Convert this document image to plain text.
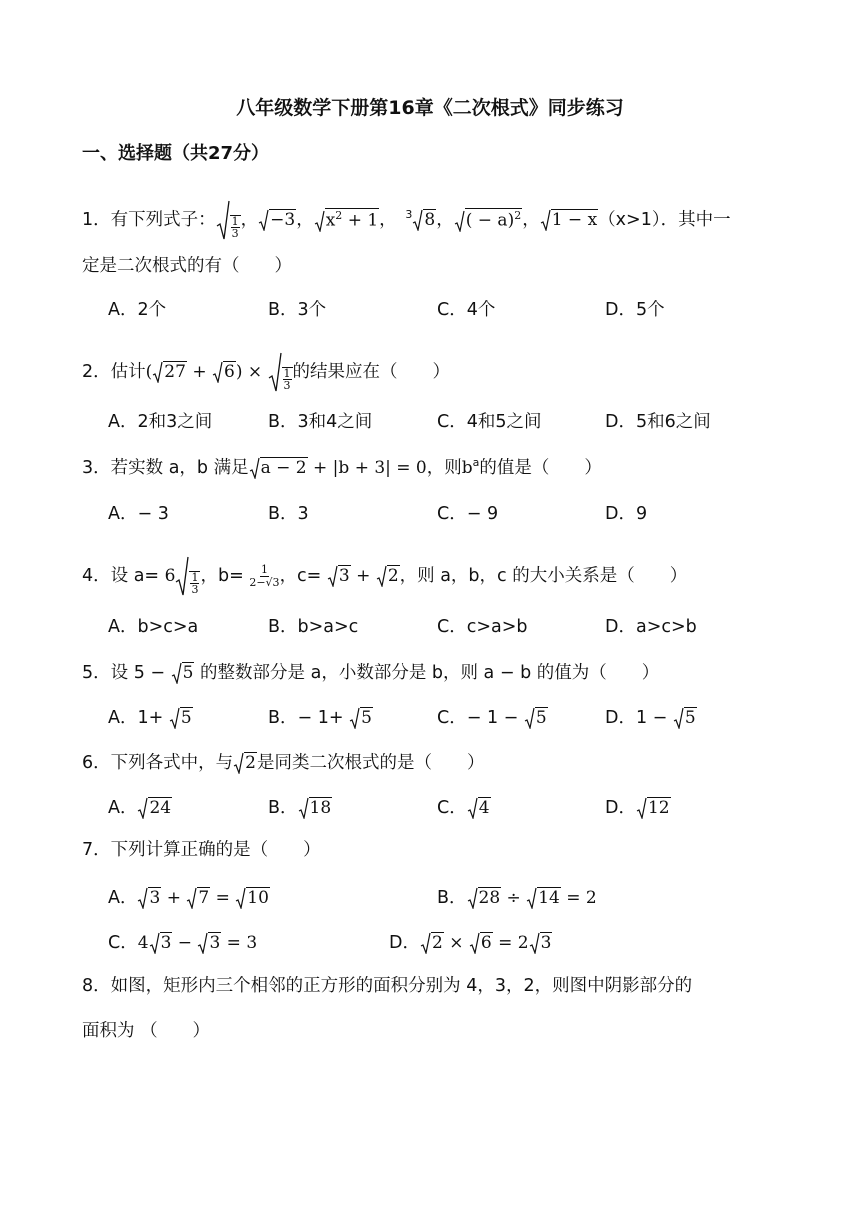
八年级数学下册第16章《二次根式》同步练习
一、选择题（共27分）
1．有下列式子： $\frac{1}{3}$ ， −3 ， $x^2 + 1$ ，　$^3$ 8 ， ( − a)$^2$ ， 1 − x （x>1）．其中一
定是二次根式的有（　　）
A．2个	B．3个	C．4个	D．5个
2．估计( 27 + 6 ) × $\frac{1}{3}$ 的结果应在（　　）
A．2和3之间	B．3和4之间	C．4和5之间	D．5和6之间
3．若实数 a，b 满足 a − 2 + |b + 3| = 0，则$b^a$的值是（　　）
A．− 3	B．3	C．− 9	D．9
4．设 $a= 6 \frac{1}{3}$ ，$b= \frac{1}{2-√3}$ ，c= 3 + 2 ，则 a，b，c 的大小关系是（　　）
A．b>c>a	B．b>a>c	C．c>a>b	D．a>c>b
5．设 5 − 5 的整数部分是 a，小数部分是 b，则 a − b 的值为（　　）
A．1+ 5	B．− 1+ 5	C．− 1 − 5	D．1 − 5
6．下列各式中，与 2 是同类二次根式的是（　　）
A． 24	B． 18	C． 4	D． 12
7．下列计算正确的是（　　）
A． 3 + 7 = 10	B． 28 ÷ 14 = 2
C．4 3 − 3 = 3	D． 2 × 6 = 2 3
8．如图，矩形内三个相邻的正方形的面积分别为 4，3，2，则图中阴影部分的
面积为 （　　）
